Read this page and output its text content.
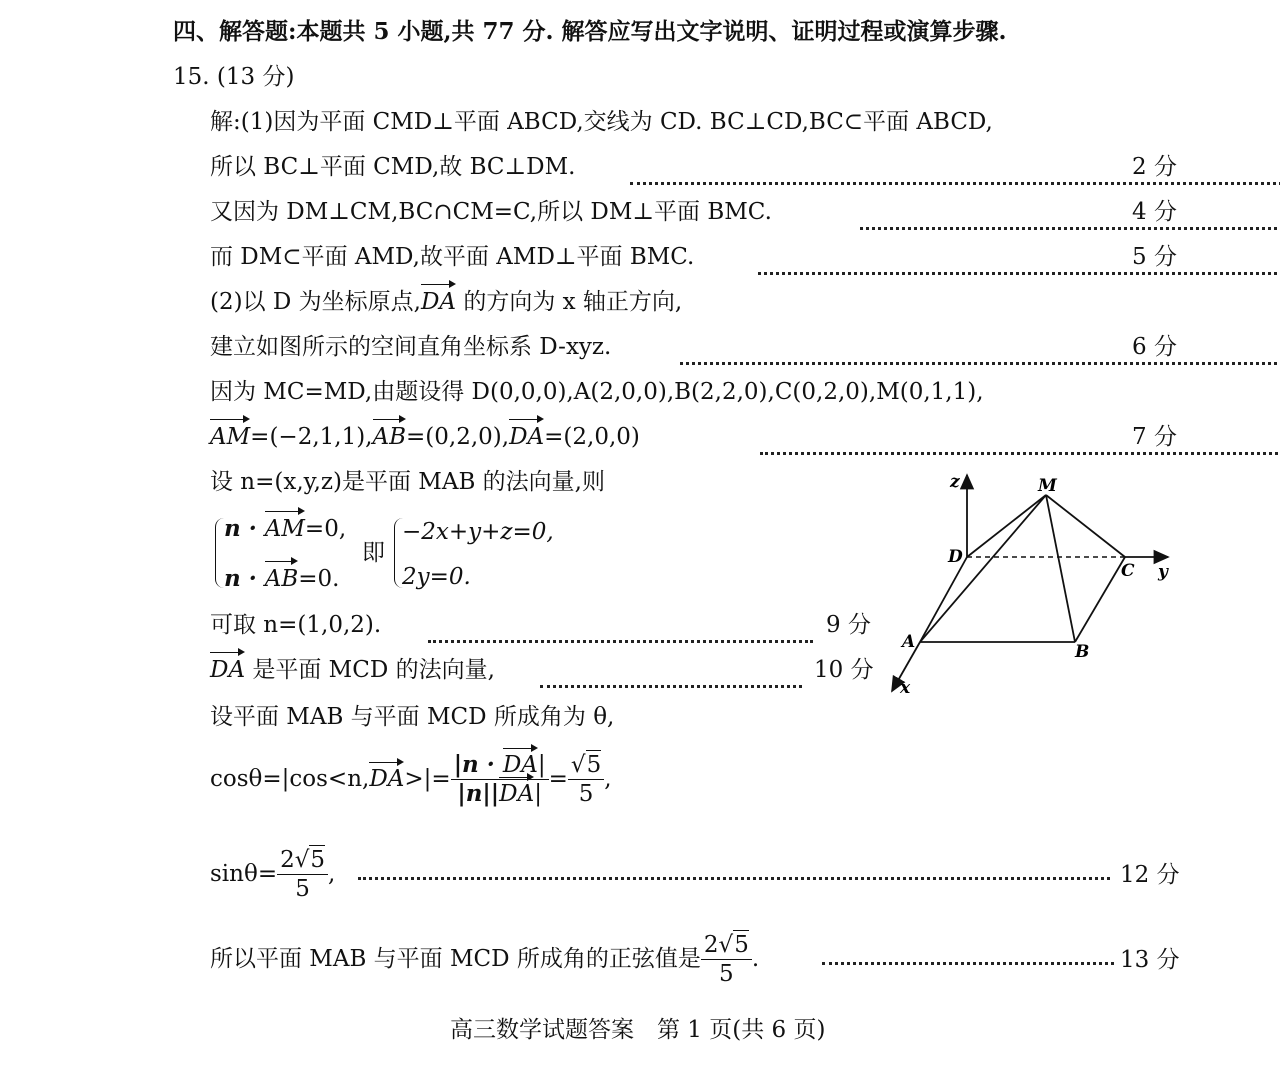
四、解答题:本题共 5 小题,共 77 分. 解答应写出文字说明、证明过程或演算步骤.
15. (13 分)
解:(1)因为平面 CMD⊥平面 ABCD,交线为 CD. BC⊥CD,BC⊂平面 ABCD,
所以 BC⊥平面 CMD,故 BC⊥DM.	2 分
又因为 DM⊥CM,BC∩CM=C,所以 DM⊥平面 BMC.	4 分
而 DM⊂平面 AMD,故平面 AMD⊥平面 BMC.	5 分
(2)以 D 为坐标原点,DA 的方向为 x 轴正方向,
建立如图所示的空间直角坐标系 D-xyz.	6 分
因为 MC=MD,由题设得 D(0,0,0),A(2,0,0),B(2,2,0),C(0,2,0),M(0,1,1),
AM=(−2,1,1),AB=(0,2,0),DA=(2,0,0)	7 分
设 n=(x,y,z)是平面 MAB 的法向量,则
n · AM=0,
n · AB=0.
即
−2x+y+z=0,
2y=0.
可取 n=(1,0,2).	9 分
DA 是平面 MCD 的法向量,	10 分
设平面 MAB 与平面 MCD 所成角为 θ,
$\cos\theta=|\cos<n,DA>|= \frac{|n \cdot DA|}{|n||DA|} = \frac{√5}{5}$ ,
$\sin\theta= \frac{2√5}{5}$ ,	12 分
所以平面 MAB 与平面 MCD 所成角的正弦值是 $\frac{2√5}{5}$ .	13 分
z	M
D
C y
A	B
x
高三数学试题答案　第 1 页(共 6 页)
